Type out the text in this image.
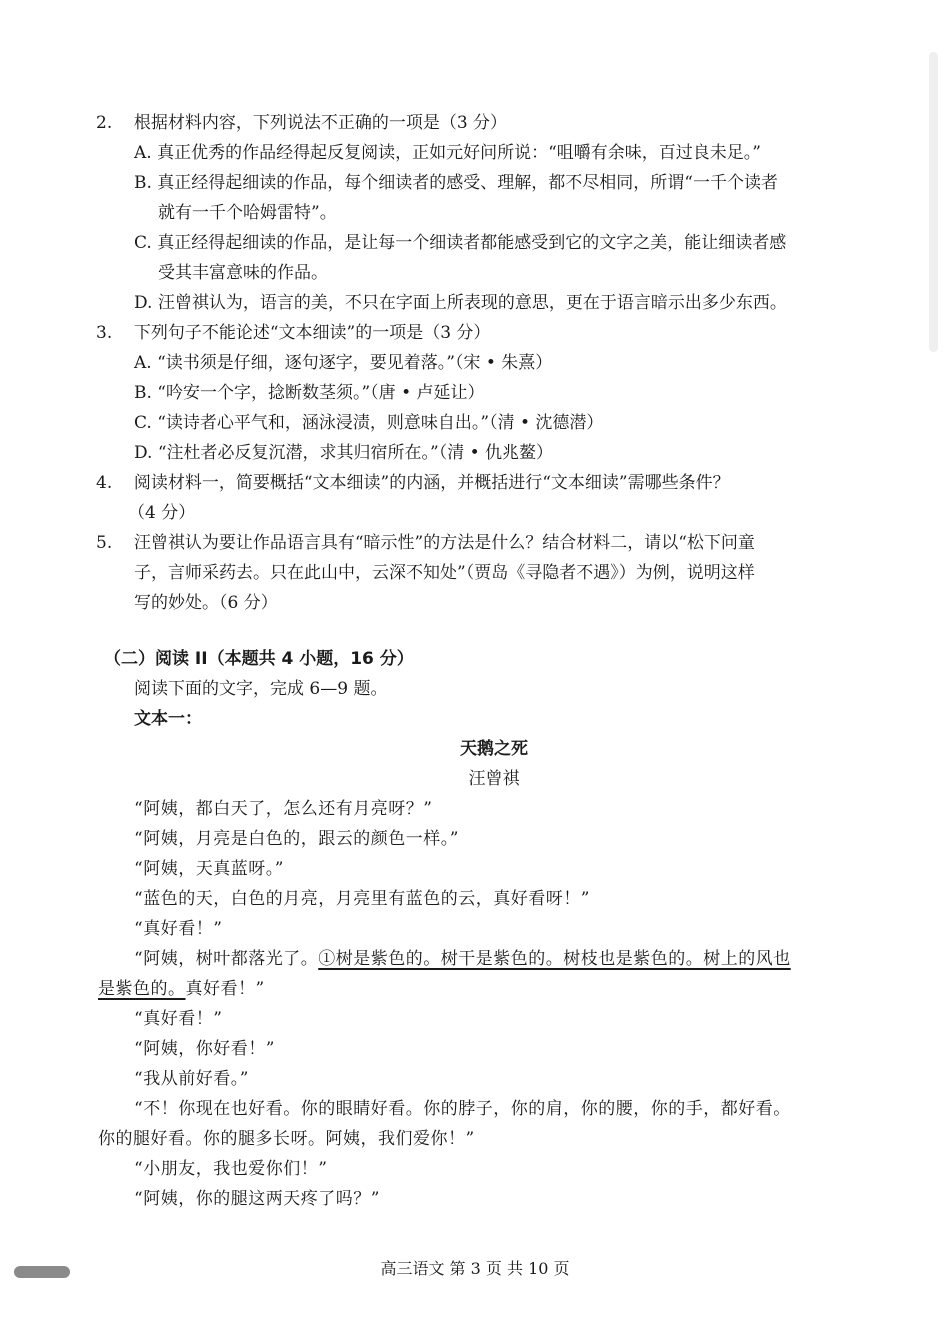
2.    根据材料内容，下列说法不正确的一项是（3 分）
A. 真正优秀的作品经得起反复阅读，正如元好问所说：“咀嚼有余味，百过良未足。”
B. 真正经得起细读的作品，每个细读者的感受、理解，都不尽相同，所谓“一千个读者
就有一千个哈姆雷特”。
C. 真正经得起细读的作品，是让每一个细读者都能感受到它的文字之美，能让细读者感
受其丰富意味的作品。
D. 汪曾祺认为，语言的美，不只在字面上所表现的意思，更在于语言暗示出多少东西。
3.    下列句子不能论述“文本细读”的一项是（3 分）
A. “读书须是仔细，逐句逐字，要见着落。”（宋 • 朱熹）
B. “吟安一个字，捻断数茎须。”（唐 • 卢延让）
C. “读诗者心平气和，涵泳浸渍，则意味自出。”（清 • 沈德潜）
D. “注杜者必反复沉潜，求其归宿所在。”（清 • 仇兆鳌）
4.    阅读材料一，简要概括“文本细读”的内涵，并概括进行“文本细读”需哪些条件？
（4 分）
5.    汪曾祺认为要让作品语言具有“暗示性”的方法是什么？结合材料二，请以“松下问童
子，言师采药去。只在此山中，云深不知处”（贾岛《寻隐者不遇》）为例，说明这样
写的妙处。（6 分）
（二）阅读 II（本题共 4 小题，16 分）
阅读下面的文字，完成 6—9 题。
文本一：
天鹅之死
汪曾祺
“阿姨，都白天了，怎么还有月亮呀？”
“阿姨，月亮是白色的，跟云的颜色一样。”
“阿姨，天真蓝呀。”
“蓝色的天，白色的月亮，月亮里有蓝色的云，真好看呀！”
“真好看！”
“阿姨，树叶都落光了。①树是紫色的。树干是紫色的。树枝也是紫色的。树上的风也
是紫色的。真好看！”
“真好看！”
“阿姨，你好看！”
“我从前好看。”
“不！你现在也好看。你的眼睛好看。你的脖子，你的肩，你的腰，你的手，都好看。
你的腿好看。你的腿多长呀。阿姨，我们爱你！”
“小朋友，我也爱你们！”
“阿姨，你的腿这两天疼了吗？”
高三语文 第 3 页 共 10 页
